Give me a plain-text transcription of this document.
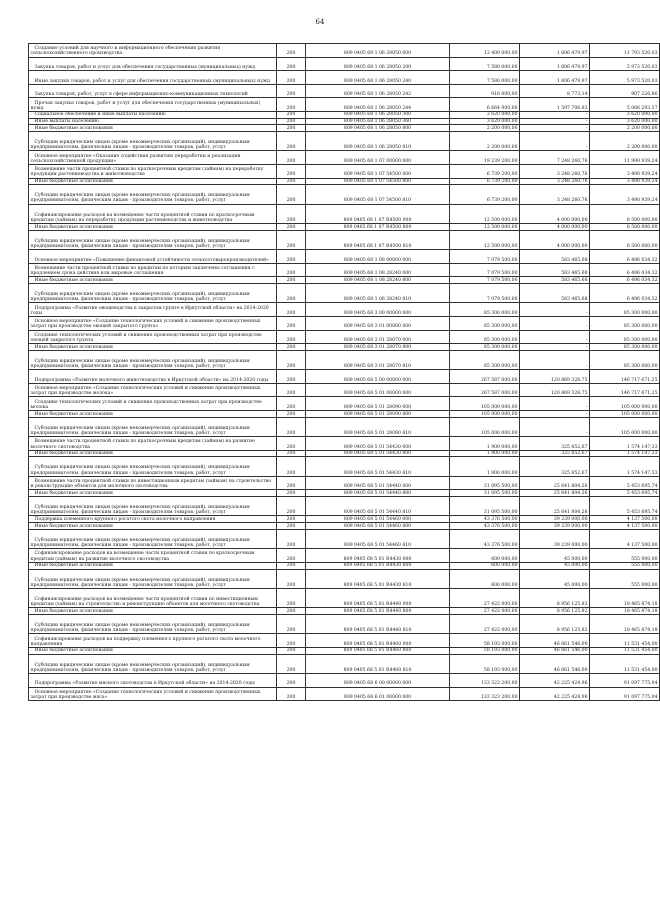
64
Создание условий для научного и информационного обеспечения развития сельскохозяйственного производства	200	809 0405 68 1 06 28050 000	13 400 000,00	1 606 479,97	11 793 520,03
Закупка товаров, работ и услуг для обеспечения государственных (муниципальных) нужд	200	809 0405 68 1 06 28050 200	7 580 000,00	1 606 479,97	5 973 520,03
Иные закупки товаров, работ и услуг для обеспечения государственных (муниципальных) нужд	200	809 0405 68 1 06 28050 240	7 580 000,00	1 606 479,97	5 973 520,03
Закупка товаров, работ, услуг в сфере информационно-коммуникационных технологий	200	809 0405 68 1 06 28050 242	916 000,00	8 773,14	907 226,86
Прочая закупка товаров, работ и услуг для обеспечения государственных (муниципальных) нужд	200	809 0405 68 1 06 28050 244	6 664 000,00	1 597 706,83	5 066 293,17
Социальное обеспечение и иные выплаты населению	200	809 0405 68 1 06 28050 300	3 620 000,00	-	3 620 000,00
Иные выплаты населению	200	809 0405 68 1 06 28050 360	3 620 000,00	-	3 620 000,00
Иные бюджетные ассигнования	200	809 0405 68 1 06 28050 800	2 200 000,00	-	2 200 000,00
Субсидии юридическим лицам (кроме некоммерческих организаций), индивидуальным предпринимателям, физическим лицам - производителям товаров, работ, услуг	200	809 0405 68 1 06 28050 810	2 200 000,00	-	2 200 000,00
Основное мероприятие «Оказание содействия развитию переработки и реализации сельскохозяйственной продукции»	200	809 0405 68 1 07 00000 000	19 239 200,00	7 248 260,76	11 990 939,24
Возмещение части процентной ставки по краткосрочным кредитам (займам) на переработку продукции растениеводства и животноводства	200	809 0405 68 1 07 54500 000	6 739 200,00	3 248 260,76	3 490 939,24
Иные бюджетные ассигнования	200	809 0405 68 1 07 54500 800	6 739 200,00	3 248 260,76	3 490 939,24
Субсидии юридическим лицам (кроме некоммерческих организаций), индивидуальным предпринимателям, физическим лицам - производителям товаров, работ, услуг	200	809 0405 68 1 07 54500 810	6 739 200,00	3 248 260,76	3 490 939,24
Софинансирование расходов на возмещение части процентной ставки по краткосрочным кредитам (займам) на переработку продукции растениеводства и животноводства	200	809 0405 68 1 07 R4500 000	12 500 000,00	4 000 000,00	8 500 000,00
Иные бюджетные ассигнования	200	809 0405 68 1 07 R4500 800	12 500 000,00	4 000 000,00	8 500 000,00
Субсидии юридическим лицам (кроме некоммерческих организаций), индивидуальным предпринимателям, физическим лицам - производителям товаров, работ, услуг	200	809 0405 68 1 07 R4500 810	12 500 000,00	4 000 000,00	8 500 000,00
Основное мероприятие «Повышение финансовой устойчивости сельхозтоваропроизводителей»	200	809 0405 68 1 08 00000 000	7 079 500,00	583 465,68	6 496 034,32
Возмещение части процентной ставки по кредитам по которым заключены соглашения с продлением срока действия или мировые соглашения	200	809 0405 68 1 08 28240 000	7 079 500,00	583 465,68	6 496 034,32
Иные бюджетные ассигнования	200	809 0405 68 1 08 28240 800	7 079 500,00	583 465,68	6 496 034,32
Субсидии юридическим лицам (кроме некоммерческих организаций), индивидуальным предпринимателям, физическим лицам - производителям товаров, работ, услуг	200	809 0405 68 1 08 28240 810	7 079 500,00	583 465,68	6 496 034,32
Подпрограмма «Развитие овощеводства в закрытом грунте в Иркутской области» на 2014-2020 годы	200	809 0405 68 3 00 00000 000	85 300 000,00	-	85 300 000,00
Основное мероприятие «Создание технологических условий и снижение производственных затрат при производстве овощей закрытого грунта»	200	809 0405 68 3 01 00000 000	85 300 000,00	-	85 300 000,00
Создание технологических условий и снижение производственных затрат при производстве овощей закрытого грунта	200	809 0405 68 3 01 28070 000	85 300 000,00	-	85 300 000,00
Иные бюджетные ассигнования	200	809 0405 68 3 01 28070 800	85 300 000,00	-	85 300 000,00
Субсидии юридическим лицам (кроме некоммерческих организаций), индивидуальным предпринимателям, физическим лицам - производителям товаров, работ, услуг	200	809 0405 68 3 01 28070 810	85 300 000,00	-	85 300 000,00
Подпрограмма «Развитие молочного животноводства в Иркутской области» на 2014-2020 годы	200	809 0405 68 5 00 00000 000	267 587 000,00	120 869 328,75	146 717 671,25
Основное мероприятие «Создание технологических условий и снижение производственных затрат при производстве молока»	200	809 0405 68 5 01 00000 000	267 587 000,00	120 869 328,75	146 717 671,25
Создание технологических условий и снижение производственных затрат при производстве молока	200	809 0405 68 5 01 28090 000	105 000 000,00	-	105 000 000,00
Иные бюджетные ассигнования	200	809 0405 68 5 01 28090 800	105 000 000,00	-	105 000 000,00
Субсидии юридическим лицам (кроме некоммерческих организаций), индивидуальным предпринимателям, физическим лицам - производителям товаров, работ, услуг	200	809 0405 68 5 01 28090 810	105 000 000,00	-	105 000 000,00
Возмещение части процентной ставки по краткосрочным кредитам (займам) на развитие молочного скотоводства	200	809 0405 68 5 01 54430 000	1 900 000,00	325 852,67	1 574 147,33
Иные бюджетные ассигнования	200	809 0405 68 5 01 54430 800	1 900 000,00	325 852,67	1 574 147,33
Субсидии юридическим лицам (кроме некоммерческих организаций), индивидуальным предпринимателям, физическим лицам - производителям товаров, работ, услуг	200	809 0405 68 5 01 54430 810	1 900 000,00	325 852,67	1 574 147,33
Возмещение части процентной ставки по инвестиционным кредитам (займам) на строительство и реконструкцию объектов для молочного скотоводства	200	809 0405 68 5 01 54440 000	31 095 500,00	25 641 804,26	5 453 695,74
Иные бюджетные ассигнования	200	809 0405 68 5 01 54440 800	31 095 500,00	25 641 804,26	5 453 695,74
Субсидии юридическим лицам (кроме некоммерческих организаций), индивидуальным предпринимателям, физическим лицам - производителям товаров, работ, услуг	200	809 0405 68 5 01 54440 810	31 095 500,00	25 641 804,26	5 453 695,74
Поддержка племенного крупного рогатого скота молочного направления	200	809 0405 68 5 01 54460 000	43 376 500,00	39 239 000,00	4 137 500,00
Иные бюджетные ассигнования	200	809 0405 68 5 01 54460 800	43 376 500,00	39 239 000,00	4 137 500,00
Субсидии юридическим лицам (кроме некоммерческих организаций), индивидуальным предпринимателям, физическим лицам - производителям товаров, работ, услуг	200	809 0405 68 5 01 54460 810	43 376 500,00	39 239 000,00	4 137 500,00
Софинансирование расходов на возмещение части процентной ставки по краткосрочным кредитам (займам) на развитие молочного скотоводства	200	809 0405 68 5 01 R4430 000	600 000,00	45 000,00	555 000,00
Иные бюджетные ассигнования	200	809 0405 68 5 01 R4430 800	600 000,00	45 000,00	555 000,00
Субсидии юридическим лицам (кроме некоммерческих организаций), индивидуальным предпринимателям, физическим лицам - производителям товаров, работ, услуг	200	809 0405 68 5 01 R4430 810	600 000,00	45 000,00	555 000,00
Софинансирование расходов на возмещение части процентной ставки по инвестиционным кредитам (займам) на строительство и реконструкцию объектов для молочного скотоводства	200	809 0405 68 5 01 R4440 000	27 422 000,00	8 956 125,82	18 465 874,18
Иные бюджетные ассигнования	200	809 0405 68 5 01 R4440 800	27 422 000,00	8 956 125,82	18 465 874,18
Субсидии юридическим лицам (кроме некоммерческих организаций), индивидуальным предпринимателям, физическим лицам - производителям товаров, работ, услуг	200	809 0405 68 5 01 R4440 810	27 422 000,00	8 956 125,82	18 465 874,18
Софинансирование расходов на поддержку племенного крупного рогатого скота молочного направления	200	809 0405 68 5 01 R4460 000	58 193 000,00	46 661 546,00	11 531 454,00
Иные бюджетные ассигнования	200	809 0405 68 5 01 R4460 800	58 193 000,00	46 661 546,00	11 531 454,00
Субсидии юридическим лицам (кроме некоммерческих организаций), индивидуальным предпринимателям, физическим лицам - производителям товаров, работ, услуг	200	809 0405 68 5 01 R4460 810	58 193 000,00	46 661 546,00	11 531 454,00
Подпрограмма «Развитие мясного скотоводства в Иркутской области» на 2014-2020 годы	200	809 0405 68 6 00 00000 000	133 323 200,00	42 225 424,96	91 097 775,04
Основное мероприятие «Создание технологических условий и снижение производственных затрат при производстве мяса»	200	809 0405 68 6 01 00000 000	133 323 200,00	42 225 424,96	91 097 775,04
